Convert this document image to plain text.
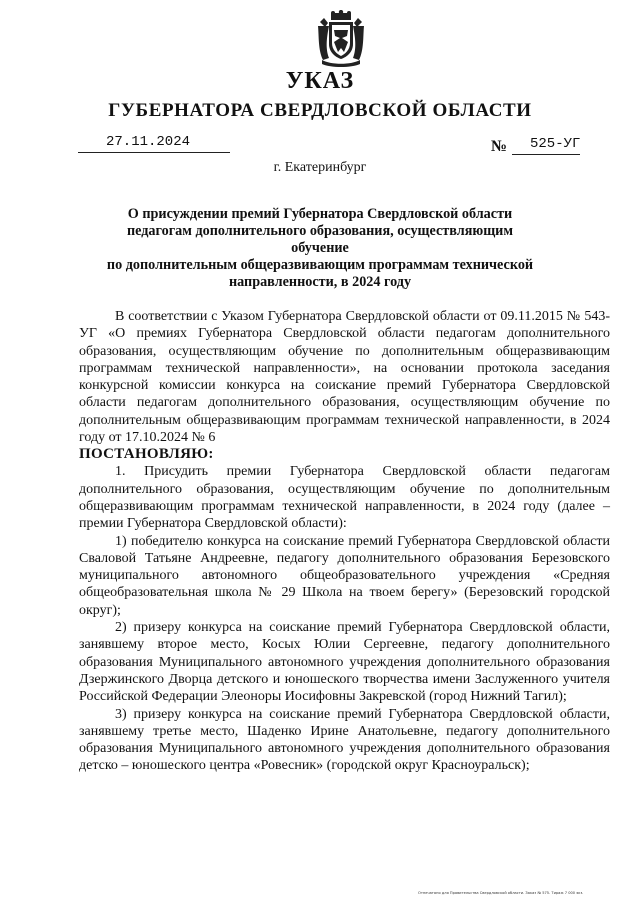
УКАЗ
ГУБЕРНАТОРА СВЕРДЛОВСКОЙ ОБЛАСТИ
27.11.2024	№ 525-УГ
г. Екатеринбург
О присуждении премий Губернатора Свердловской области
педагогам дополнительного образования, осуществляющим обучение
по дополнительным общеразвивающим программам технической
направленности, в 2024 году

В соответствии с Указом Губернатора Свердловской области от 09.11.2015 № 543-УГ «О премиях Губернатора Свердловской области педагогам дополнительного образования, осуществляющим обучение по дополнительным общеразвивающим программам технической направленности», на основании протокола заседания конкурсной комиссии конкурса на соискание премий Губернатора Свердловской области педагогам дополнительного образования, осуществляющим обучение по дополнительным общеразвивающим программам технической направленности, в 2024 году от 17.10.2024 № 6

ПОСТАНОВЛЯЮ:

1. Присудить премии Губернатора Свердловской области педагогам дополнительного образования, осуществляющим обучение по дополнительным общеразвивающим программам технической направленности, в 2024 году (далее – премии Губернатора Свердловской области):

1) победителю конкурса на соискание премий Губернатора Свердловской области Сваловой Татьяне Андреевне, педагогу дополнительного образования Березовского муниципального автономного общеобразовательного учреждения «Средняя общеобразовательная школа № 29 Школа на твоем берегу» (Березовский городской округ);

2) призеру конкурса на соискание премий Губернатора Свердловской области, занявшему второе место, Косых Юлии Сергеевне, педагогу дополнительного образования Муниципального автономного учреждения дополнительного образования Дзержинского Дворца детского и юношеского творчества имени Заслуженного учителя Российской Федерации Элеоноры Иосифовны Закревской (город Нижний Тагил);

3) призеру конкурса на соискание премий Губернатора Свердловской области, занявшему третье место, Шаденко Ирине Анатольевне, педагогу дополнительного образования Муниципального автономного учреждения дополнительного образования детско – юношеского центра «Ровесник» (городской округ Красноуральск);

Отпечатано для Правительства Свердловской области. Заказ № 575. Тираж 7 000 экз.
